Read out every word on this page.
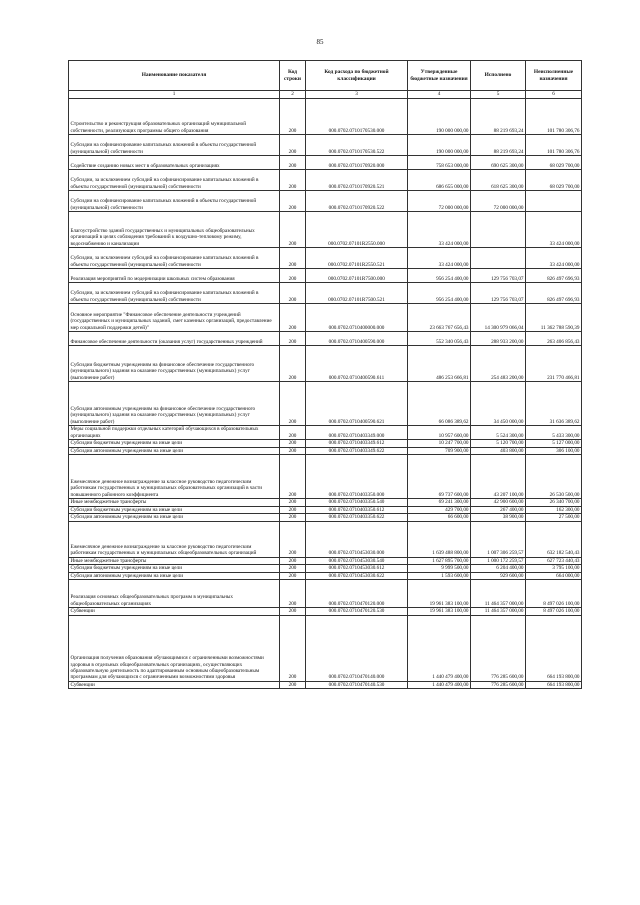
85
Наименование показателя	Код строки	Код расхода по бюджетной классификации	Утвержденные бюджетные назначения	Исполнено	Неисполненные назначения
1	2	3	4	5	6
Строительство и реконструкция образовательных организаций муниципальной собственности, реализующих программы общего образования	200	000.0702.0710170530.000	190 000 000,00	88 219 693,24	101 780 306,76
Субсидии на софинансирование капитальных вложений в объекты государственной (муниципальной) собственности	200	000.0702.0710170530.522	190 000 000,00	88 219 693,24	101 780 306,76
Содействие созданию новых мест в образовательных организациях	200	000.0702.0710170920.000	758 653 000,00	690 625 300,00	68 029 700,00
Субсидии, за исключением субсидий на софинансирование капитальных вложений в объекты государственной (муниципальной) собственности	200	000.0702.0710170920.521	686 655 000,00	618 625 300,00	68 029 700,00
Субсидии на софинансирование капитальных вложений в объекты государственной (муниципальной) собственности	200	000.0702.0710170920.522	72 000 000,00	72 000 000,00	
Благоустройство зданий государственных и муниципальных общеобразовательных организаций в целях соблюдения требований к воздушно-тепловому режиму, водоснабжению и канализации	200	000.0702.07101R2550.000	33 424 000,00		33 424 000,00
Субсидии, за исключением субсидий на софинансирование капитальных вложений в объекты государственной (муниципальной) собственности	200	000.0702.07101R2550.521	33 424 000,00		33 424 000,00
Реализация мероприятий по модернизации школьных систем образования	200	000.0702.07101R7500.000	956 254 400,00	129 756 703,07	826 497 696,93
Субсидии, за исключением субсидий на софинансирование капитальных вложений в объекты государственной (муниципальной) собственности	200	000.0702.07101R7500.521	956 254 400,00	129 756 703,07	826 497 696,93
Основное мероприятие "Финансовое обеспечение деятельности учреждений (государственных и муниципальных заданий, смет казенных организаций, предоставление мер социальной поддержки детей)"	200	000.0702.0710400000.000	23 663 767 656,43	14 300 979 066,04	11 362 788 590,39
Финансовое обеспечение деятельности (оказания услуг) государственных учреждений	200	000.0702.0710400590.000	552 340 056,43	288 933 200,00	263 406 856,43
Субсидии бюджетным учреждениям на финансовое обеспечение государственного (муниципального) задания на оказание государственных (муниципальных) услуг (выполнение работ)	200	000.0702.0710400590.611	486 253 666,81	254 483 200,00	231 770 466,81
Субсидии автономным учреждениям на финансовое обеспечение государственного (муниципального) задания на оказание государственных (муниципальных) услуг (выполнение работ)	200	000.0702.0710400590.621	66 086 389,62	34 450 000,00	31 636 389,62
Меры социальной поддержки отдельных категорий обучающихся в образовательных организациях	200	000.0702.0710403349.000	10 957 600,00	5 524 300,00	5 433 300,00
Субсидии бюджетным учреждениям на иные цели	200	000.0702.0710403349.612	10 247 700,00	5 120 700,00	5 127 000,00
Субсидии автономным учреждениям на иные цели	200	000.0702.0710403349.622	709 900,00	403 800,00	306 100,00
Ежемесячное денежное вознаграждение за классное руководство педагогическим работникам государственных и муниципальных образовательных организаций в части повышенного районного коэффициента	200	000.0702.0710403350.000	69 737 600,00	43 207 100,00	26 530 500,00
Иные межбюджетные трансферты	200	000.0702.0710403350.540	69 241 300,00	42 900 600,00	26 340 700,00
Субсидии бюджетным учреждениям на иные цели	200	000.0702.0710403350.612	429 700,00	267 400,00	162 300,00
Субсидии автономным учреждениям на иные цели	200	000.0702.0710403350.622	66 600,00	38 900,00	27 500,00
Ежемесячное денежное вознаграждение за классное руководство педагогическим работникам государственных и муниципальных общеобразовательных организаций	200	000.0702.0710453030.000	1 639 488 800,00	1 007 306 259,57	632 182 540,43
Иные межбюджетные трансферты	200	000.0702.0710453030.540	1 627 895 700,00	1 000 172 259,57	627 723 440,43
Субсидии бюджетным учреждениям на иные цели	200	000.0702.0710453030.612	9 999 500,00	6 204 400,00	3 795 100,00
Субсидии автономным учреждениям на иные цели	200	000.0702.0710453030.622	1 593 600,00	929 600,00	664 000,00
Реализация основных общеобразовательных программ в муниципальных общеобразовательных организациях	200	000.0702.0710470120.000	19 961 383 100,00	11 464 357 000,00	8 497 026 100,00
Субвенции	200	000.0702.0710470120.530	19 961 383 100,00	11 464 357 000,00	8 497 026 100,00
Организация получения образования обучающимися с ограниченными возможностями здоровья в отдельных общеобразовательных организациях, осуществляющих образовательную деятельность по адаптированным основным общеобразовательным программам для обучающихся с ограниченными возможностями здоровья	200	000.0702.0710470140.000	1 440 479 400,00	776 285 600,00	664 193 800,00
Субвенции	200	000.0702.0710470140.530	1 440 479 400,00	776 285 600,00	664 193 800,00
